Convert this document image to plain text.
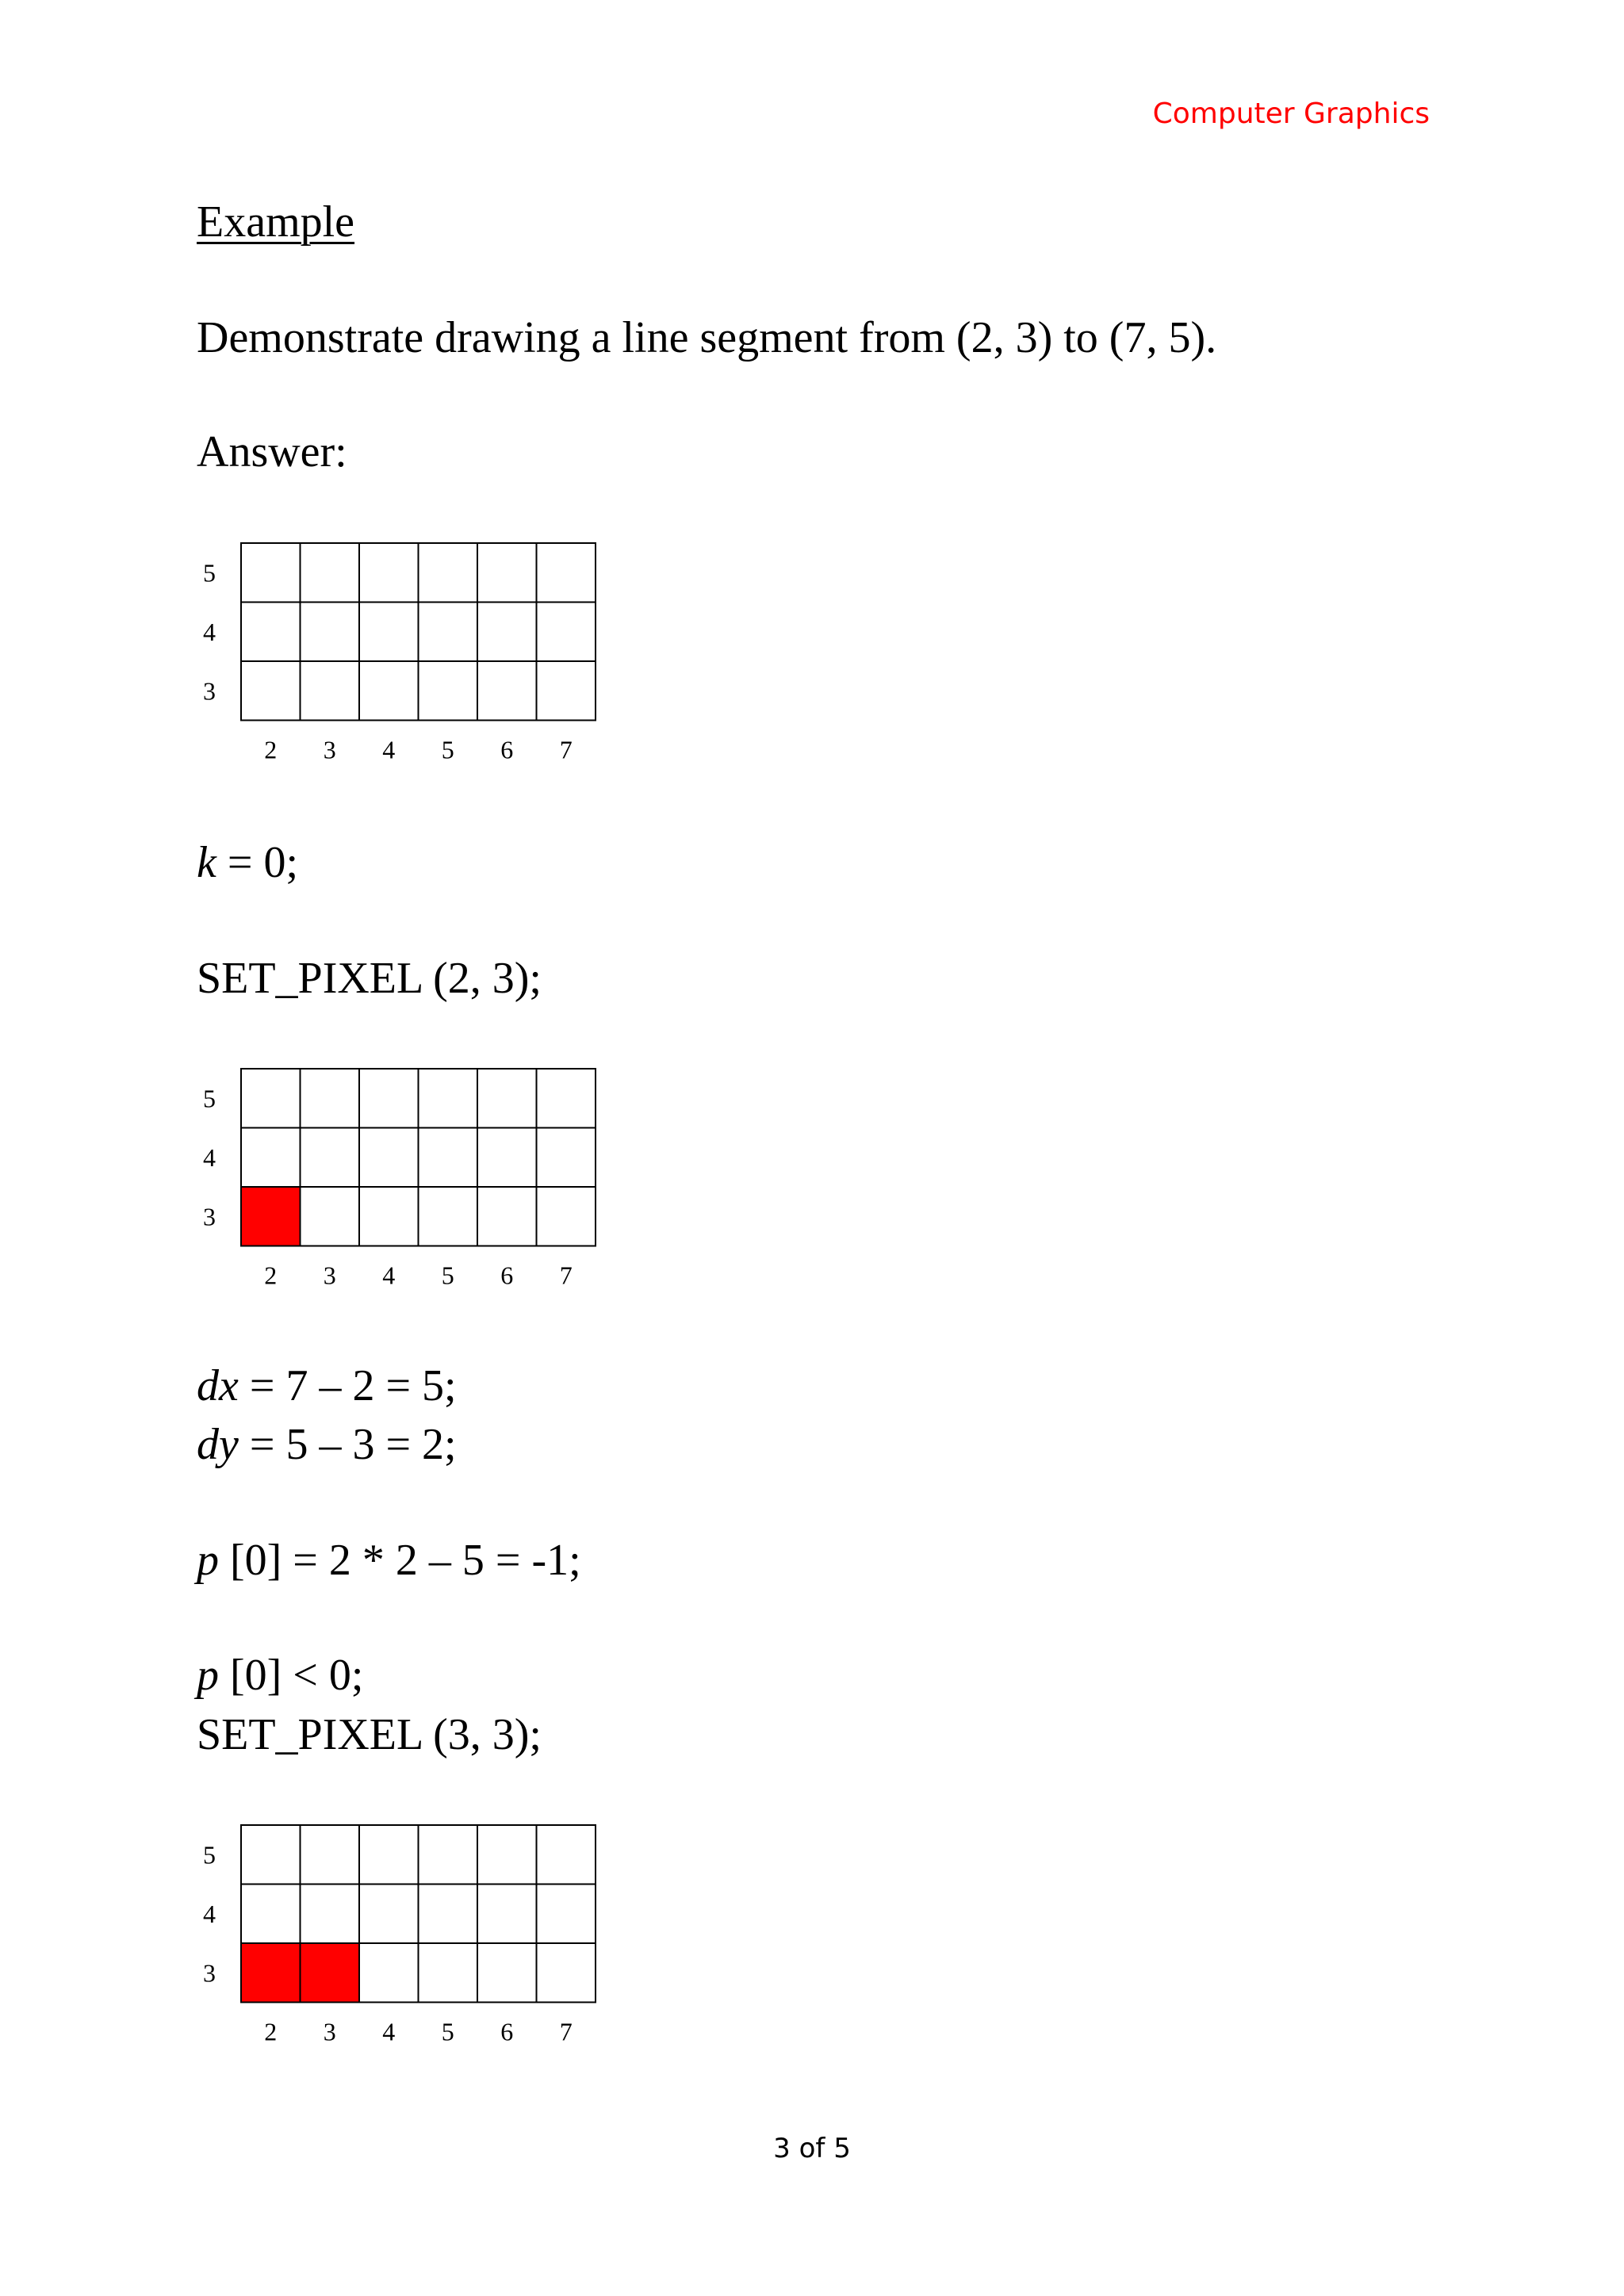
Computer Graphics
Example
Demonstrate drawing a line segment from (2, 3) to (7, 5).
Answer:
5
4
3
2 3 4 5 6 7
k = 0;
SET_PIXEL (2, 3);
5
4
3
2 3 4 5 6 7
dx = 7 – 2 = 5;
dy = 5 – 3 = 2;
p [0] = 2 * 2 – 5 = -1;
p [0] < 0;
SET_PIXEL (3, 3);
5
4
3
2 3 4 5 6 7
3 of 5
